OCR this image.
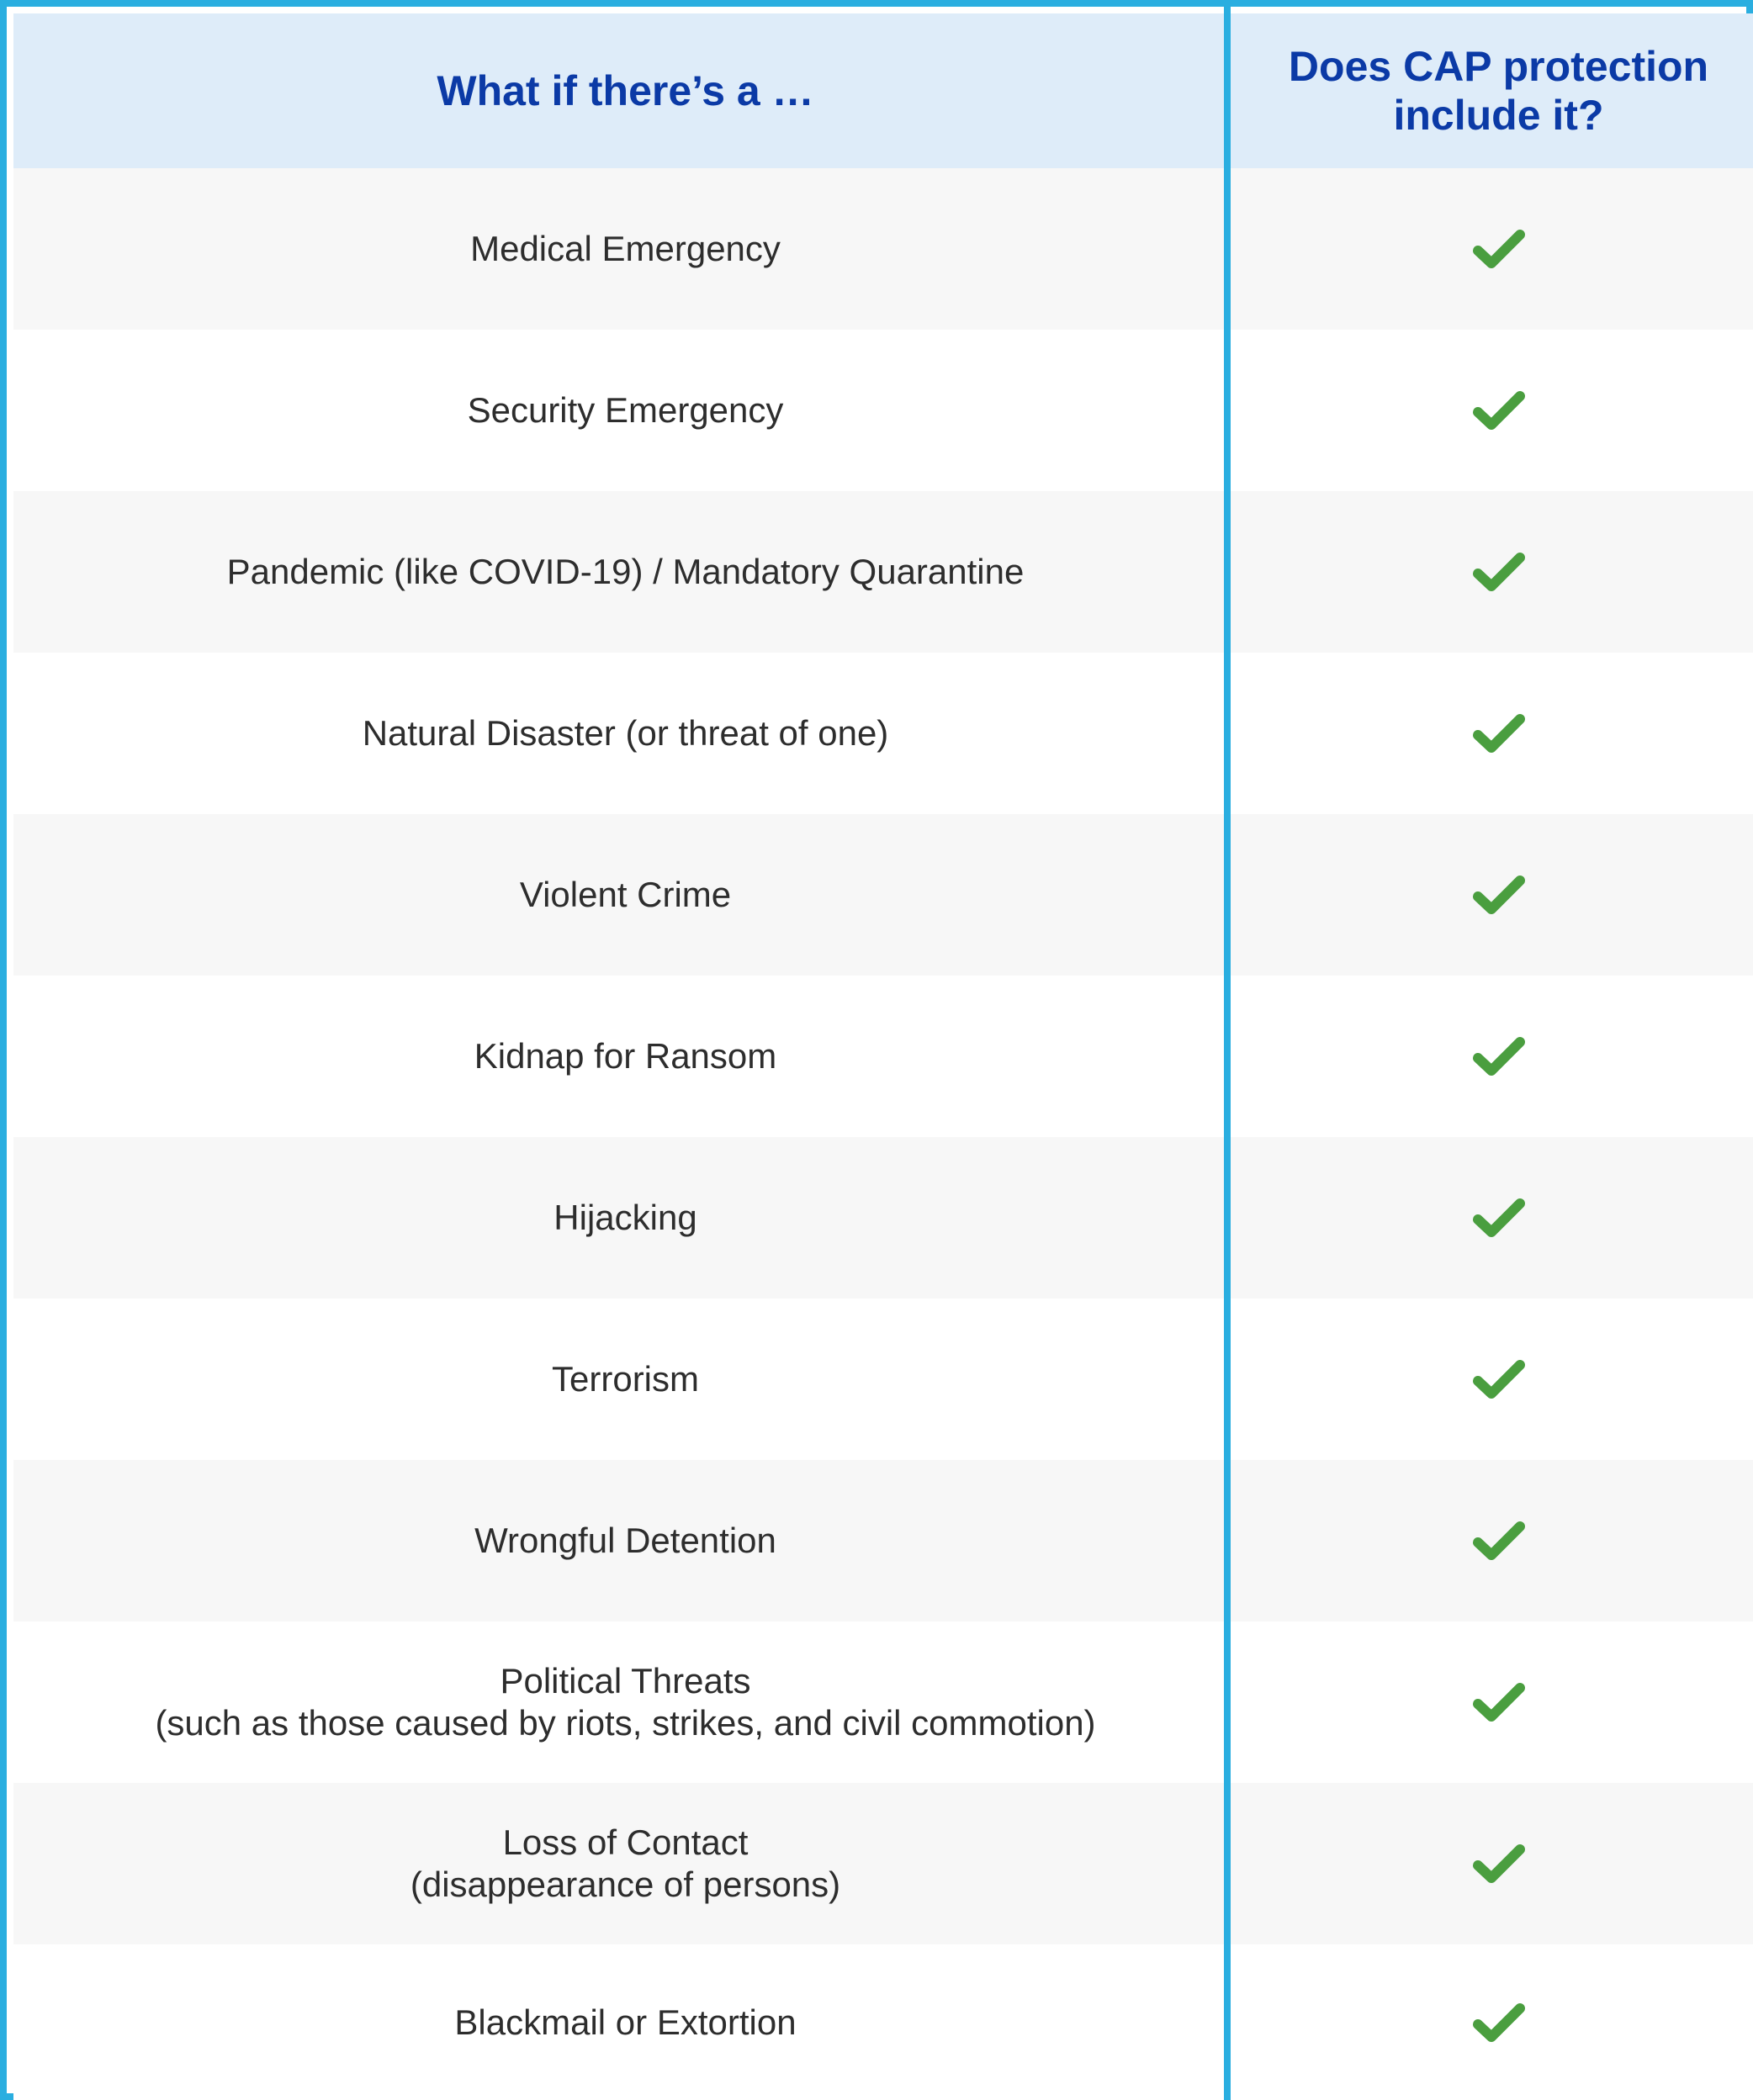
What if there’s a …
Does CAP protection include it?
Medical Emergency
Security Emergency
Pandemic (like COVID-19) / Mandatory Quarantine
Natural Disaster (or threat of one)
Violent Crime
Kidnap for Ransom
Hijacking
Terrorism
Wrongful Detention
Political Threats
(such as those caused by riots, strikes, and civil commotion)
Loss of Contact
(disappearance of persons)
Blackmail or Extortion
